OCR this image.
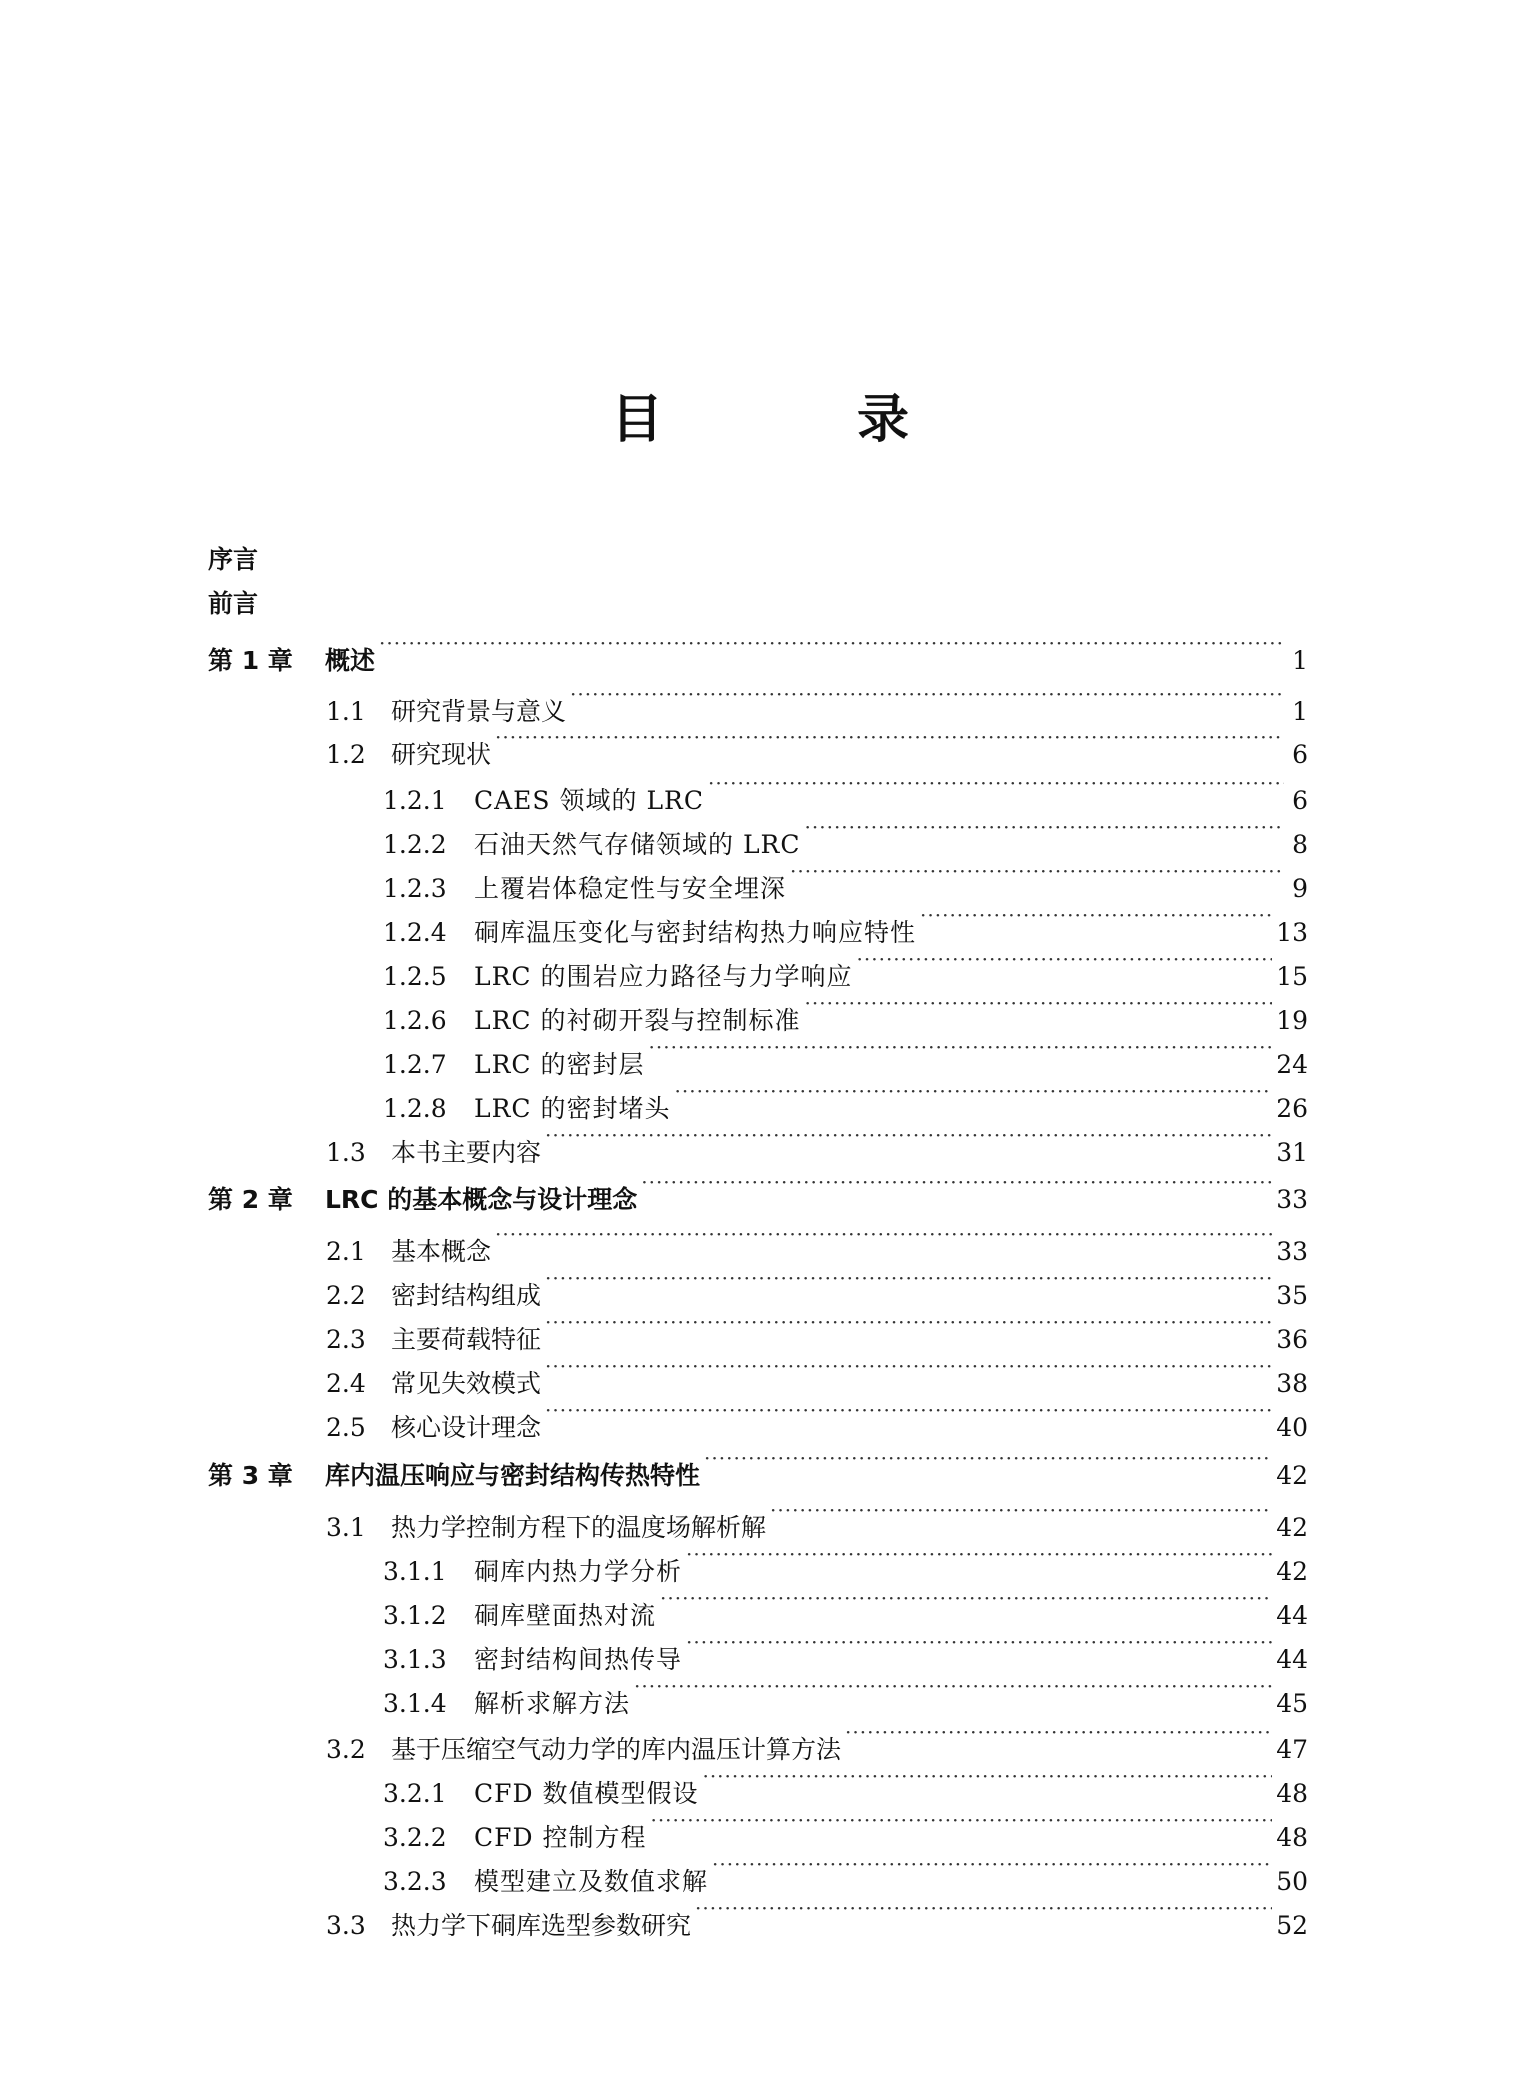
目 录
序言
前言
第 1 章	概述 ·····	1
1.1	研究背景与意义 ·····	1
1.2	研究现状 ·····	6
1.2.1	CAES 领域的 LRC ·····	6
1.2.2	石油天然气存储领域的 LRC ·····	8
1.2.3	上覆岩体稳定性与安全埋深 ·····	9
1.2.4	硐库温压变化与密封结构热力响应特性 ·····	13
1.2.5	LRC 的围岩应力路径与力学响应 ·····	15
1.2.6	LRC 的衬砌开裂与控制标准 ·····	19
1.2.7	LRC 的密封层 ·····	24
1.2.8	LRC 的密封堵头 ·····	26
1.3	本书主要内容 ·····	31
第 2 章	LRC 的基本概念与设计理念 ·····	33
2.1	基本概念 ·····	33
2.2	密封结构组成 ·····	35
2.3	主要荷载特征 ·····	36
2.4	常见失效模式 ·····	38
2.5	核心设计理念 ·····	40
第 3 章	库内温压响应与密封结构传热特性 ·····	42
3.1	热力学控制方程下的温度场解析解 ·····	42
3.1.1	硐库内热力学分析 ·····	42
3.1.2	硐库壁面热对流 ·····	44
3.1.3	密封结构间热传导 ·····	44
3.1.4	解析求解方法 ·····	45
3.2	基于压缩空气动力学的库内温压计算方法 ·····	47
3.2.1	CFD 数值模型假设 ·····	48
3.2.2	CFD 控制方程 ·····	48
3.2.3	模型建立及数值求解 ·····	50
3.3	热力学下硐库选型参数研究 ·····	52
